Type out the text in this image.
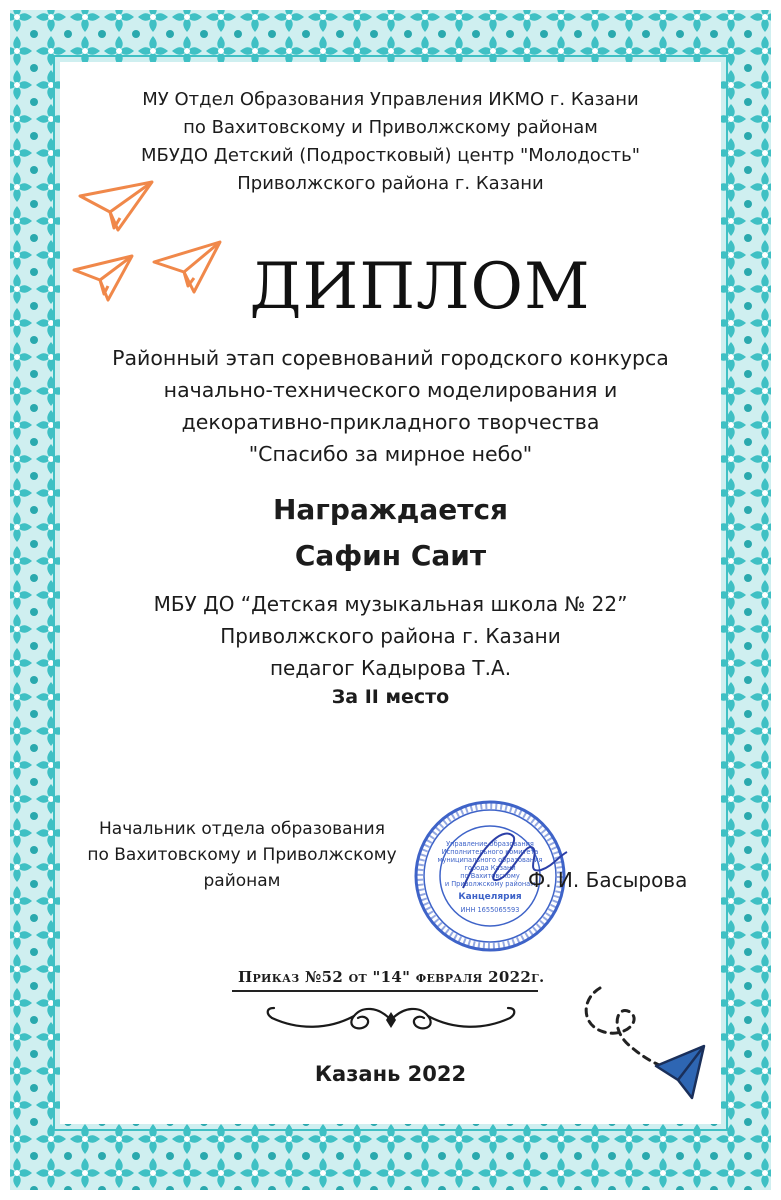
МУ Отдел Образования Управления ИКМО г. Казани
по Вахитовскому и Приволжскому районам
МБУДО Детский (Подростковый) центр "Молодость"
Приволжского района г. Казани
ДИПЛОМ
Районный этап соревнований городского конкурса
начально-технического моделирования и
декоративно-прикладного творчества
"Спасибо за мирное небо"
Награждается
Сафин Саит
МБУ ДО “Детская музыкальная школа № 22”
Приволжского района г. Казани
педагог Кадырова Т.А.
За II место
Начальник отдела образования
по Вахитовскому и Приволжскому
районам
Управление образования
Исполнительного комитета
муниципального образования
города Казани
по Вахитовскому
и Приволжскому районам
Канцелярия
ИНН 1655065593
Ф. И. Басырова
Приказ №52 от "14" февраля 2022г.
Казань 2022
